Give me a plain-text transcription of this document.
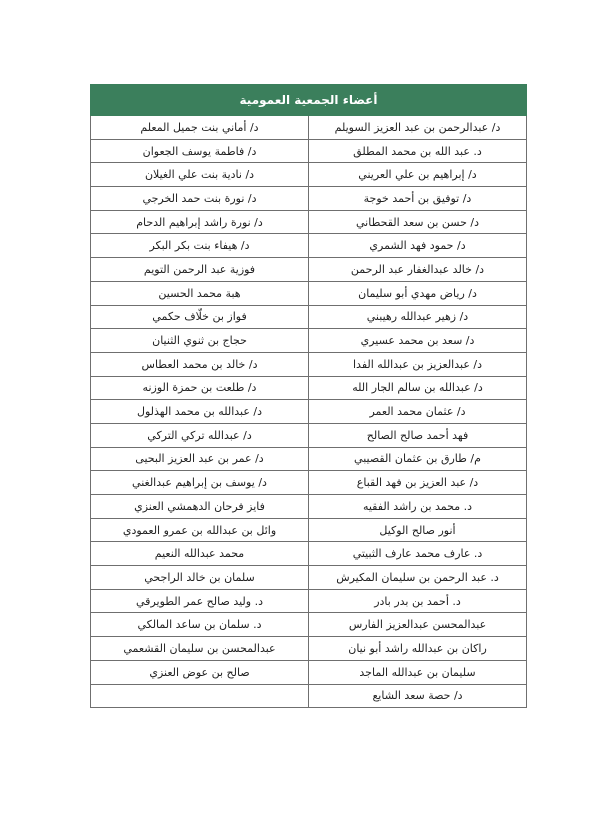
أعضاء الجمعية العمومية	
د/ عبدالرحمن بن عبد العزيز السويلم	د/ أماني بنت جميل المعلم
د. عبد الله بن محمد المطلق	د/ فاطمة يوسف الجعوان
د/ إبراهيم بن علي العريني	د/ نادية بنت علي الغيلان
د/ توفيق بن أحمد خوجة	د/ نورة بنت حمد الخرجي
د/ حسن بن سعد القحطاني	د/ نورة راشد إبراهيم الدحام
د/ حمود فهد الشمري	د/ هيفاء بنت بكر البكر
د/ خالد عبدالغفار عبد الرحمن	فوزية عبد الرحمن التويم
د/ رياض مهدي أبو سليمان	هبة محمد الحسين
د/ زهير عبدالله رهيبني	فواز بن خلّاف حكمي
د/ سعد بن محمد عسيري	حجاج بن ثنوي الثنيان
د/ عبدالعزيز بن عبدالله الفدا	د/ خالد بن محمد العطاس
د/ عبدالله بن سالم الجار الله	د/ طلعت بن حمزة الوزنه
د/ عثمان محمد العمر	د/ عبدالله بن محمد الهذلول
فهد أحمد صالح الصالح	د/ عبدالله تركي التركي
م/ طارق بن عثمان القصيبي	د/ عمر بن عبد العزيز البحيى
د/ عبد العزيز بن فهد القباع	د/ يوسف بن إبراهيم عبدالغني
د. محمد بن راشد الفقيه	فايز فرحان الدهمشي العنزي
أنور صالح الوكيل	وائل بن عبدالله بن عمرو العمودي
د. عارف محمد عارف الثبيتي	محمد عبدالله النعيم
د. عبد الرحمن بن سليمان المكيرش	سلمان بن خالد الراجحي
د. أحمد بن بدر بادر	د. وليد صالح عمر الطويرقي
عبدالمحسن عبدالعزيز الفارس	د. سلمان بن ساعد المالكي
راكان بن عبدالله راشد أبو نيان	عبدالمحسن بن سليمان القشعمي
سليمان بن عبدالله الماجد	صالح بن عوض العنزي
د/ حصة سعد الشايع	
